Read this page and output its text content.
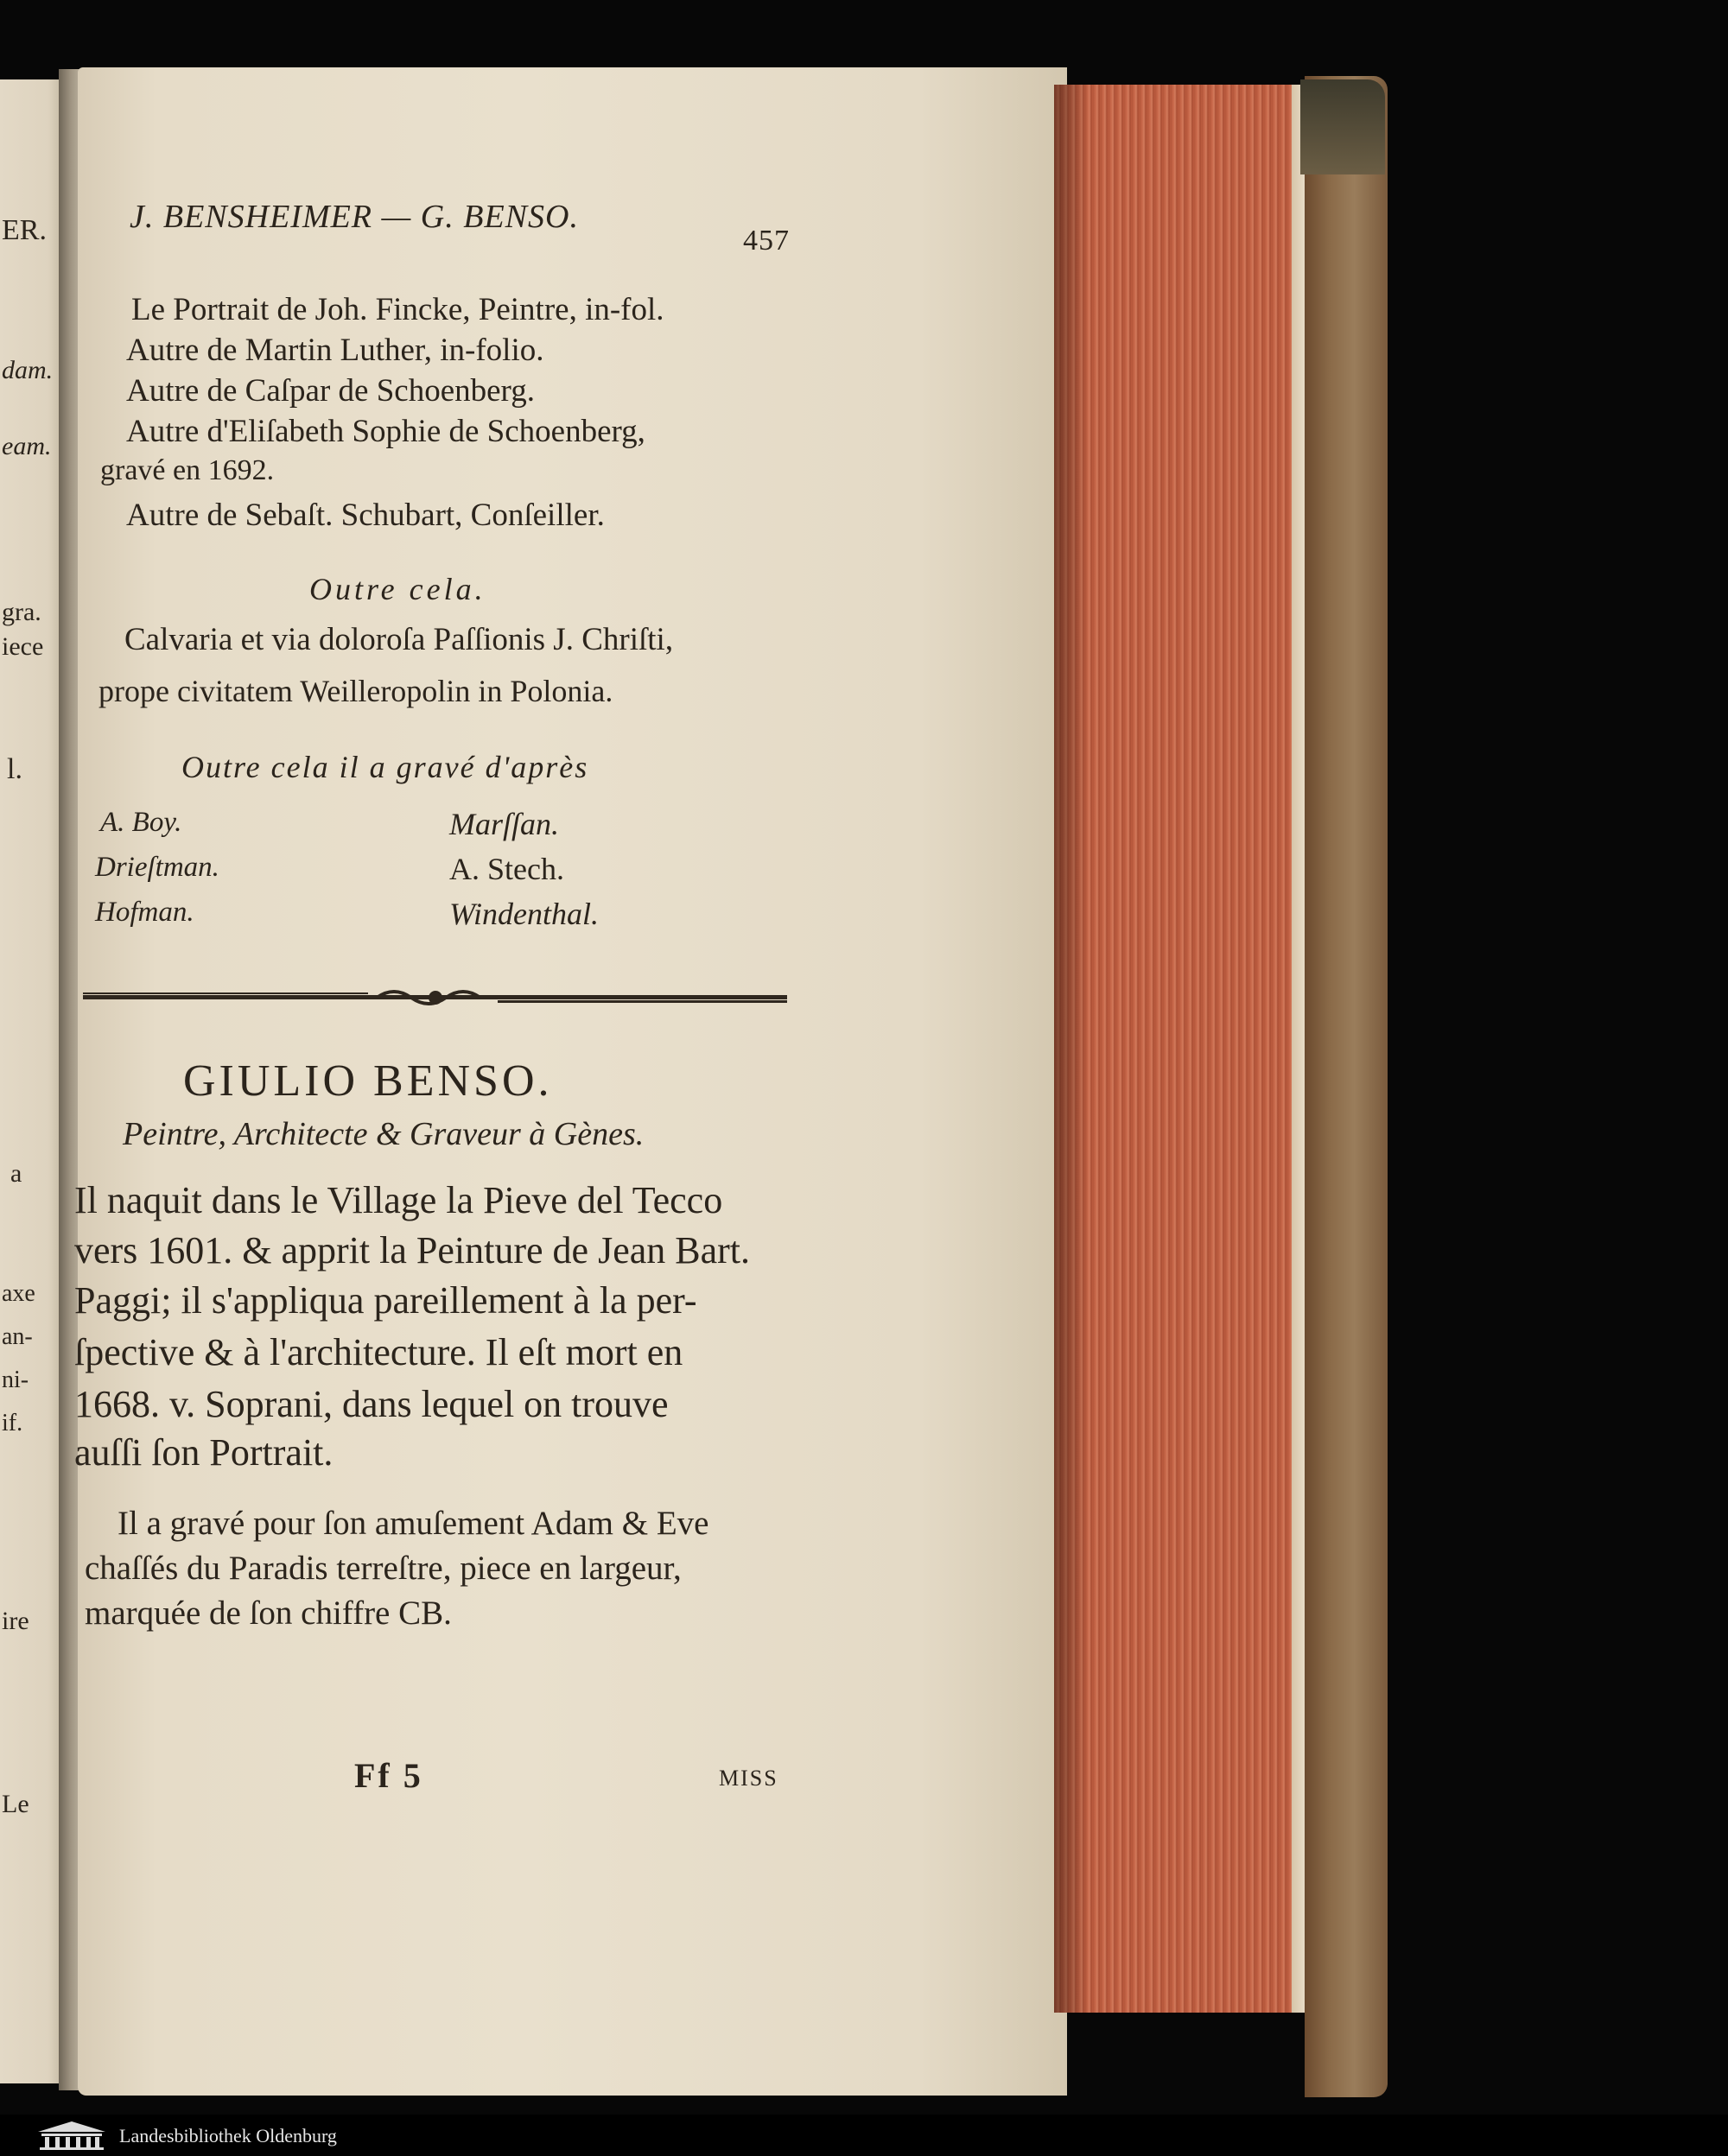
ER.
dam.
eam.
gra.
iece
l.
a
axe
an-
ni-
if.
ire
Le
J. BENSHEIMER — G. BENSO.
457
Le Portrait de Joh. Fincke, Peintre, in-fol.
Autre de Martin Luther, in-folio.
Autre de Caſpar de Schoenberg.
Autre d'Eliſabeth Sophie de Schoenberg,
gravé en 1692.
Autre de Sebaſt. Schubart, Conſeiller.
Outre cela.
Calvaria et via doloroſa Paſſionis J. Chriſti,
prope civitatem Weilleropolin in Polonia.
Outre cela il a gravé d'après
A. Boy.
Drieſtman.
Hofman.
Marſſan.
A. Stech.
Windenthal.
GIULIO BENSO.
Peintre, Architecte & Graveur à Gènes.
Il naquit dans le Village la Pieve del Tecco
vers 1601. & apprit la Peinture de Jean Bart.
Paggi; il s'appliqua pareillement à la per-
ſpective & à l'architecture. Il eſt mort en
1668. v. Soprani, dans lequel on trouve
auſſi ſon Portrait.
Il a gravé pour ſon amuſement Adam & Eve
chaſſés du Paradis terreſtre, piece en largeur,
marquée de ſon chiffre CB.
Ff 5	MISS
Landesbibliothek Oldenburg
